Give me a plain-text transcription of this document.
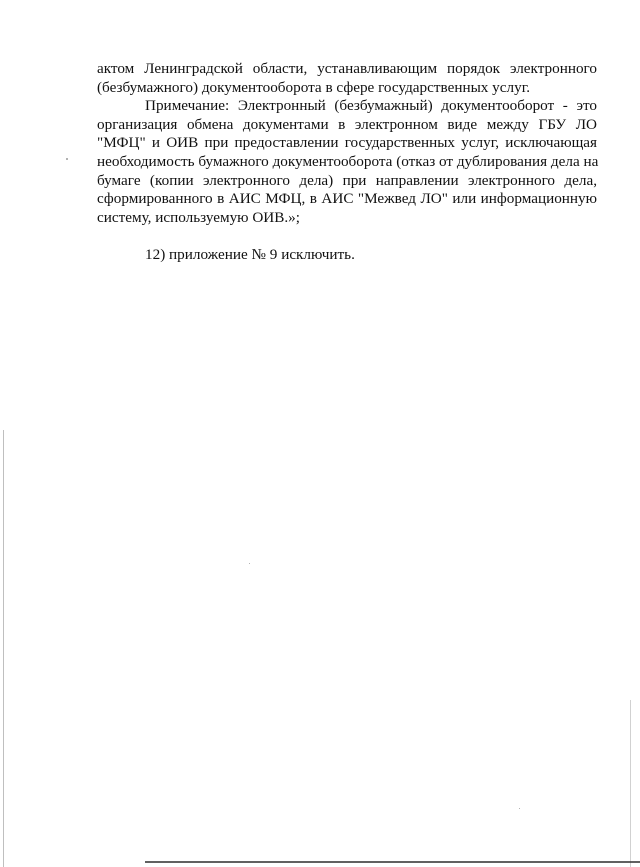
актом Ленинградской области, устанавливающим порядок электронного
(безбумажного) документооборота в сфере государственных услуг.
Примечание: Электронный (безбумажный) документооборот - это
организация обмена документами в электронном виде между ГБУ ЛО
"МФЦ" и ОИВ при предоставлении государственных услуг, исключающая
необходимость бумажного документооборота (отказ от дублирования дела на
бумаге (копии электронного дела) при направлении электронного дела,
сформированного в АИС МФЦ, в АИС "Межвед ЛО" или информационную
систему, используемую ОИВ.»;
12) приложение № 9 исключить.
